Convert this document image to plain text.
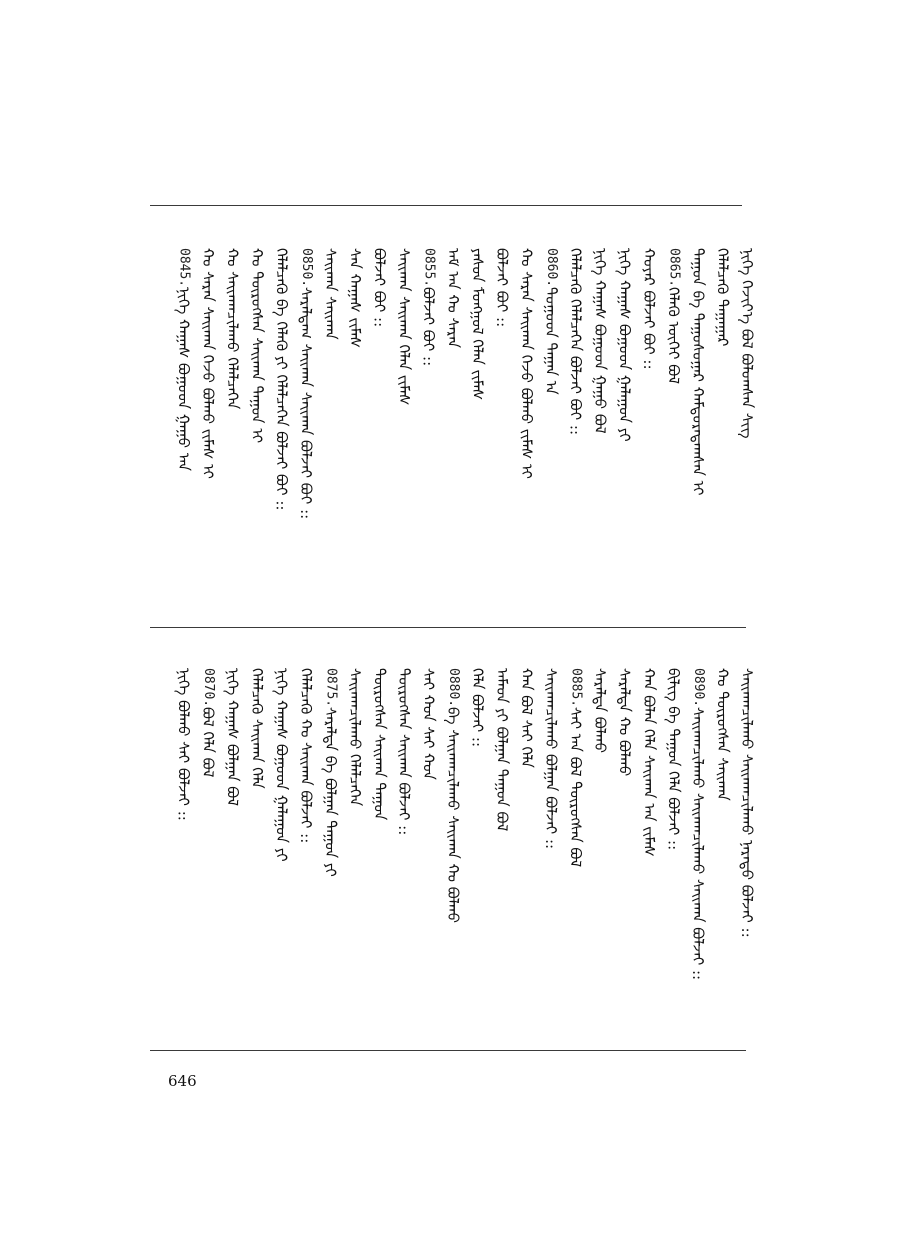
ᠨᠢᠭᠡ ᠬᠡᠵᠢᠶ᠎ᠡ ᠪᠣᠯ ᠪᠣᠯᠤᠭᠰᠠᠨ ᠰᠢᠭ
ᠬᠡᠯᠡᠯᠴᠡᠬᠦ ᠳᠠᠭᠠᠭᠠᠷ
ᠳᠠᠭᠤᠨ ᠪᠠ ᠳᠠᠭᠤᠰᠤᠭᠠᠷ ᠬᠠᠮᠲᠤᠷᠠᠳᠠᠭᠰᠠᠨ ᠢ
0865.ᠬᠡᠯᠡᠬᠦ ᠦᠭᠡᠢ ᠪᠣᠯ
ᠬᠣᠶᠠᠷ ᠪᠣᠯᠵᠠᠢ ᠪᠤᠢ ::
ᠨᠢᠭᠡ ᠬᠠᠭᠠᠰ ᠪᠤᠭᠤᠳ ᠭᠠᠯᠠᠭᠤᠨ ᠶᠢ
ᠨᠢᠭᠡ ᠬᠠᠭᠠᠰ ᠪᠤᠭᠤᠳ ᠭᠠᠭᠤ ᠪᠣᠯ
ᠬᠡᠯᠡᠯᠴᠡᠬᠦ ᠬᠡᠯᠡᠯᠴᠡᠭᠡᠨ ᠪᠣᠯᠵᠠᠢ ᠪᠤᠢ ::
0860.ᠲᠣᠭᠣᠳ ᠳᠠᠭᠠᠨ ᠠ
ᠬᠣ ᠰᠠᠷᠠᠨ ᠰᠠᠢᠬᠠᠨ ᠭᠡᠵᠦ ᠪᠣᠯᠬᠤ ᠵᠢᠮᠡᠰ ᠢ
ᠪᠣᠯᠵᠠᠢ ᠪᠤᠢ ::
ᠶᠠᠰᠤᠨ ᠮᠣᠩᠭᠣᠯ ᠬᠡᠯᠡᠨ ᠵᠢᠮᠡᠰ
ᠠᠮ ᠠᠨ ᠬᠣ ᠰᠠᠷᠠᠨ
0855.ᠪᠣᠯᠵᠠᠢ ᠪᠤᠢ ::
ᠰᠠᠢᠬᠠᠨ ᠰᠠᠢᠬᠠᠨ ᠬᠡᠯᠡᠨ ᠵᠢᠮᠡᠰ
ᠪᠣᠯᠵᠠᠢ ᠪᠤᠢ ::
ᠰᠠᠨ ᠬᠠᠭᠠᠰ ᠵᠢᠮᠡᠰ
ᠰᠠᠢᠬᠠᠨ ᠰᠠᠢᠬᠠᠨ
0850.ᠰᠠᠷᠠᠯᠳᠠᠭ ᠰᠠᠢᠬᠠᠨ ᠰᠠᠢᠬᠠᠨ ᠪᠣᠯᠵᠠᠢ ᠪᠤᠢ ::
ᠬᠡᠯᠡᠯᠴᠡᠬᠦ ᠪᠠ ᠬᠡᠯᠡᠬᠦ ᠶᠢ ᠬᠡᠯᠡᠯᠴᠡᠭᠡᠨ ᠪᠣᠯᠵᠠᠢ ᠪᠤᠢ ::
ᠬᠣ ᠲᠦᠷᠦᠭᠰᠡᠨ ᠰᠠᠢᠬᠠᠨ ᠳᠠᠭᠤᠨ ᠢ
ᠬᠣ ᠰᠠᠢᠬᠠᠨᠴᠢᠯᠠᠬᠤ ᠬᠡᠯᠡᠯᠴᠡᠭᠡᠨ
ᠬᠣ ᠰᠠᠷᠠᠨ ᠰᠠᠢᠬᠠᠨ ᠭᠡᠵᠦ ᠪᠣᠯᠬᠤ ᠵᠢᠮᠡᠰ ᠢ
0845.ᠨᠢᠭᠡ ᠬᠠᠭᠠᠰ ᠪᠤᠭᠤᠳ ᠭᠠᠭᠤ ᠠᠨ
ᠰᠠᠢᠬᠠᠨᠴᠢᠯᠠᠬᠤ ᠰᠠᠢᠬᠠᠨᠴᠢᠯᠠᠬᠤ ᠨᠡᠷᠡᠲᠦ ᠪᠣᠯᠵᠠᠢ ::
ᠬᠣ ᠲᠦᠷᠦᠭᠰᠡᠨ ᠰᠠᠢᠬᠠᠨ
0890.ᠰᠠᠢᠬᠠᠨᠴᠢᠯᠠᠬᠤ ᠰᠠᠢᠬᠠᠨᠴᠢᠯᠠᠬᠤ ᠰᠠᠢᠬᠠᠨ ᠪᠣᠯᠵᠠᠢ ::
ᠪᠢᠯᠢᠭ ᠪᠠ ᠳᠠᠭᠤᠨ ᠬᠡᠯᠡ ᠪᠣᠯᠵᠠᠢ ::
ᠬᠠᠨ ᠪᠣᠯᠠᠨ ᠬᠡᠯᠡ ᠰᠠᠢᠬᠠᠨ ᠠᠨ ᠵᠢᠮᠡᠰ
ᠰᠠᠷᠠᠯᠳᠠ ᠬᠣ ᠪᠣᠯᠬᠤ
ᠰᠠᠷᠠᠯᠳᠠ ᠪᠣᠯᠬᠤ
0885.ᠰᠠᠢ ᠠᠨ ᠪᠣᠯ ᠲᠦᠷᠦᠭᠰᠡᠨ ᠪᠣᠯ
ᠰᠠᠢᠬᠠᠨᠴᠢᠯᠠᠬᠤ ᠪᠣᠯᠭᠠᠨ ᠪᠣᠯᠵᠠᠢ ::
ᠬᠠᠨ ᠪᠣᠯ ᠰᠠᠢ ᠬᠡᠯᠡ
ᠠᠮᠠᠳ ᠶᠢ ᠪᠣᠯᠭᠠᠨ ᠳᠠᠭᠤᠨ ᠪᠣᠯ
ᠬᠡᠯᠡ ᠪᠣᠯᠵᠠᠢ ::
0880.ᠪᠠ ᠰᠠᠢᠬᠠᠨᠴᠢᠯᠠᠬᠤ ᠰᠠᠢᠬᠠᠨ ᠬᠣ ᠪᠣᠯᠬᠤ
ᠰᠠᠢ ᠬᠣᠨ ᠰᠠᠢ ᠬᠣᠨ
ᠲᠦᠷᠦᠭᠰᠡᠨ ᠰᠠᠢᠬᠠᠨ ᠪᠣᠯᠵᠠᠢ ::
ᠲᠦᠷᠦᠭᠰᠡᠨ ᠰᠠᠢᠬᠠᠨ ᠳᠠᠭᠤᠨ
ᠰᠠᠢᠬᠠᠨᠴᠢᠯᠠᠬᠤ ᠬᠡᠯᠡᠯᠴᠡᠭᠡᠨ
0875.ᠰᠠᠷᠠᠯᠳᠠ ᠪᠠ ᠪᠣᠯᠭᠠᠨ ᠳᠠᠭᠤᠨ ᠶᠢ
ᠬᠡᠯᠡᠯᠴᠡᠬᠦ ᠬᠣ ᠰᠠᠢᠬᠠᠨ ᠪᠣᠯᠵᠠᠢ ::
ᠨᠢᠭᠡ ᠬᠠᠭᠠᠰ ᠪᠤᠭᠤᠳ ᠭᠠᠯᠠᠭᠤᠨ ᠶᠢ
ᠬᠡᠯᠡᠯᠴᠡᠬᠦ ᠰᠠᠢᠬᠠᠨ ᠬᠡᠯᠡ
ᠨᠢᠭᠡ ᠬᠠᠭᠠᠰ ᠪᠣᠯᠭᠠᠨ ᠪᠣᠯ
0870.ᠪᠣᠯ ᠬᠡᠯᠡ ᠪᠣᠯ
ᠨᠢᠭᠡ ᠪᠣᠯᠬᠤ ᠰᠠᠢ ᠪᠣᠯᠵᠠᠢ ::
646
